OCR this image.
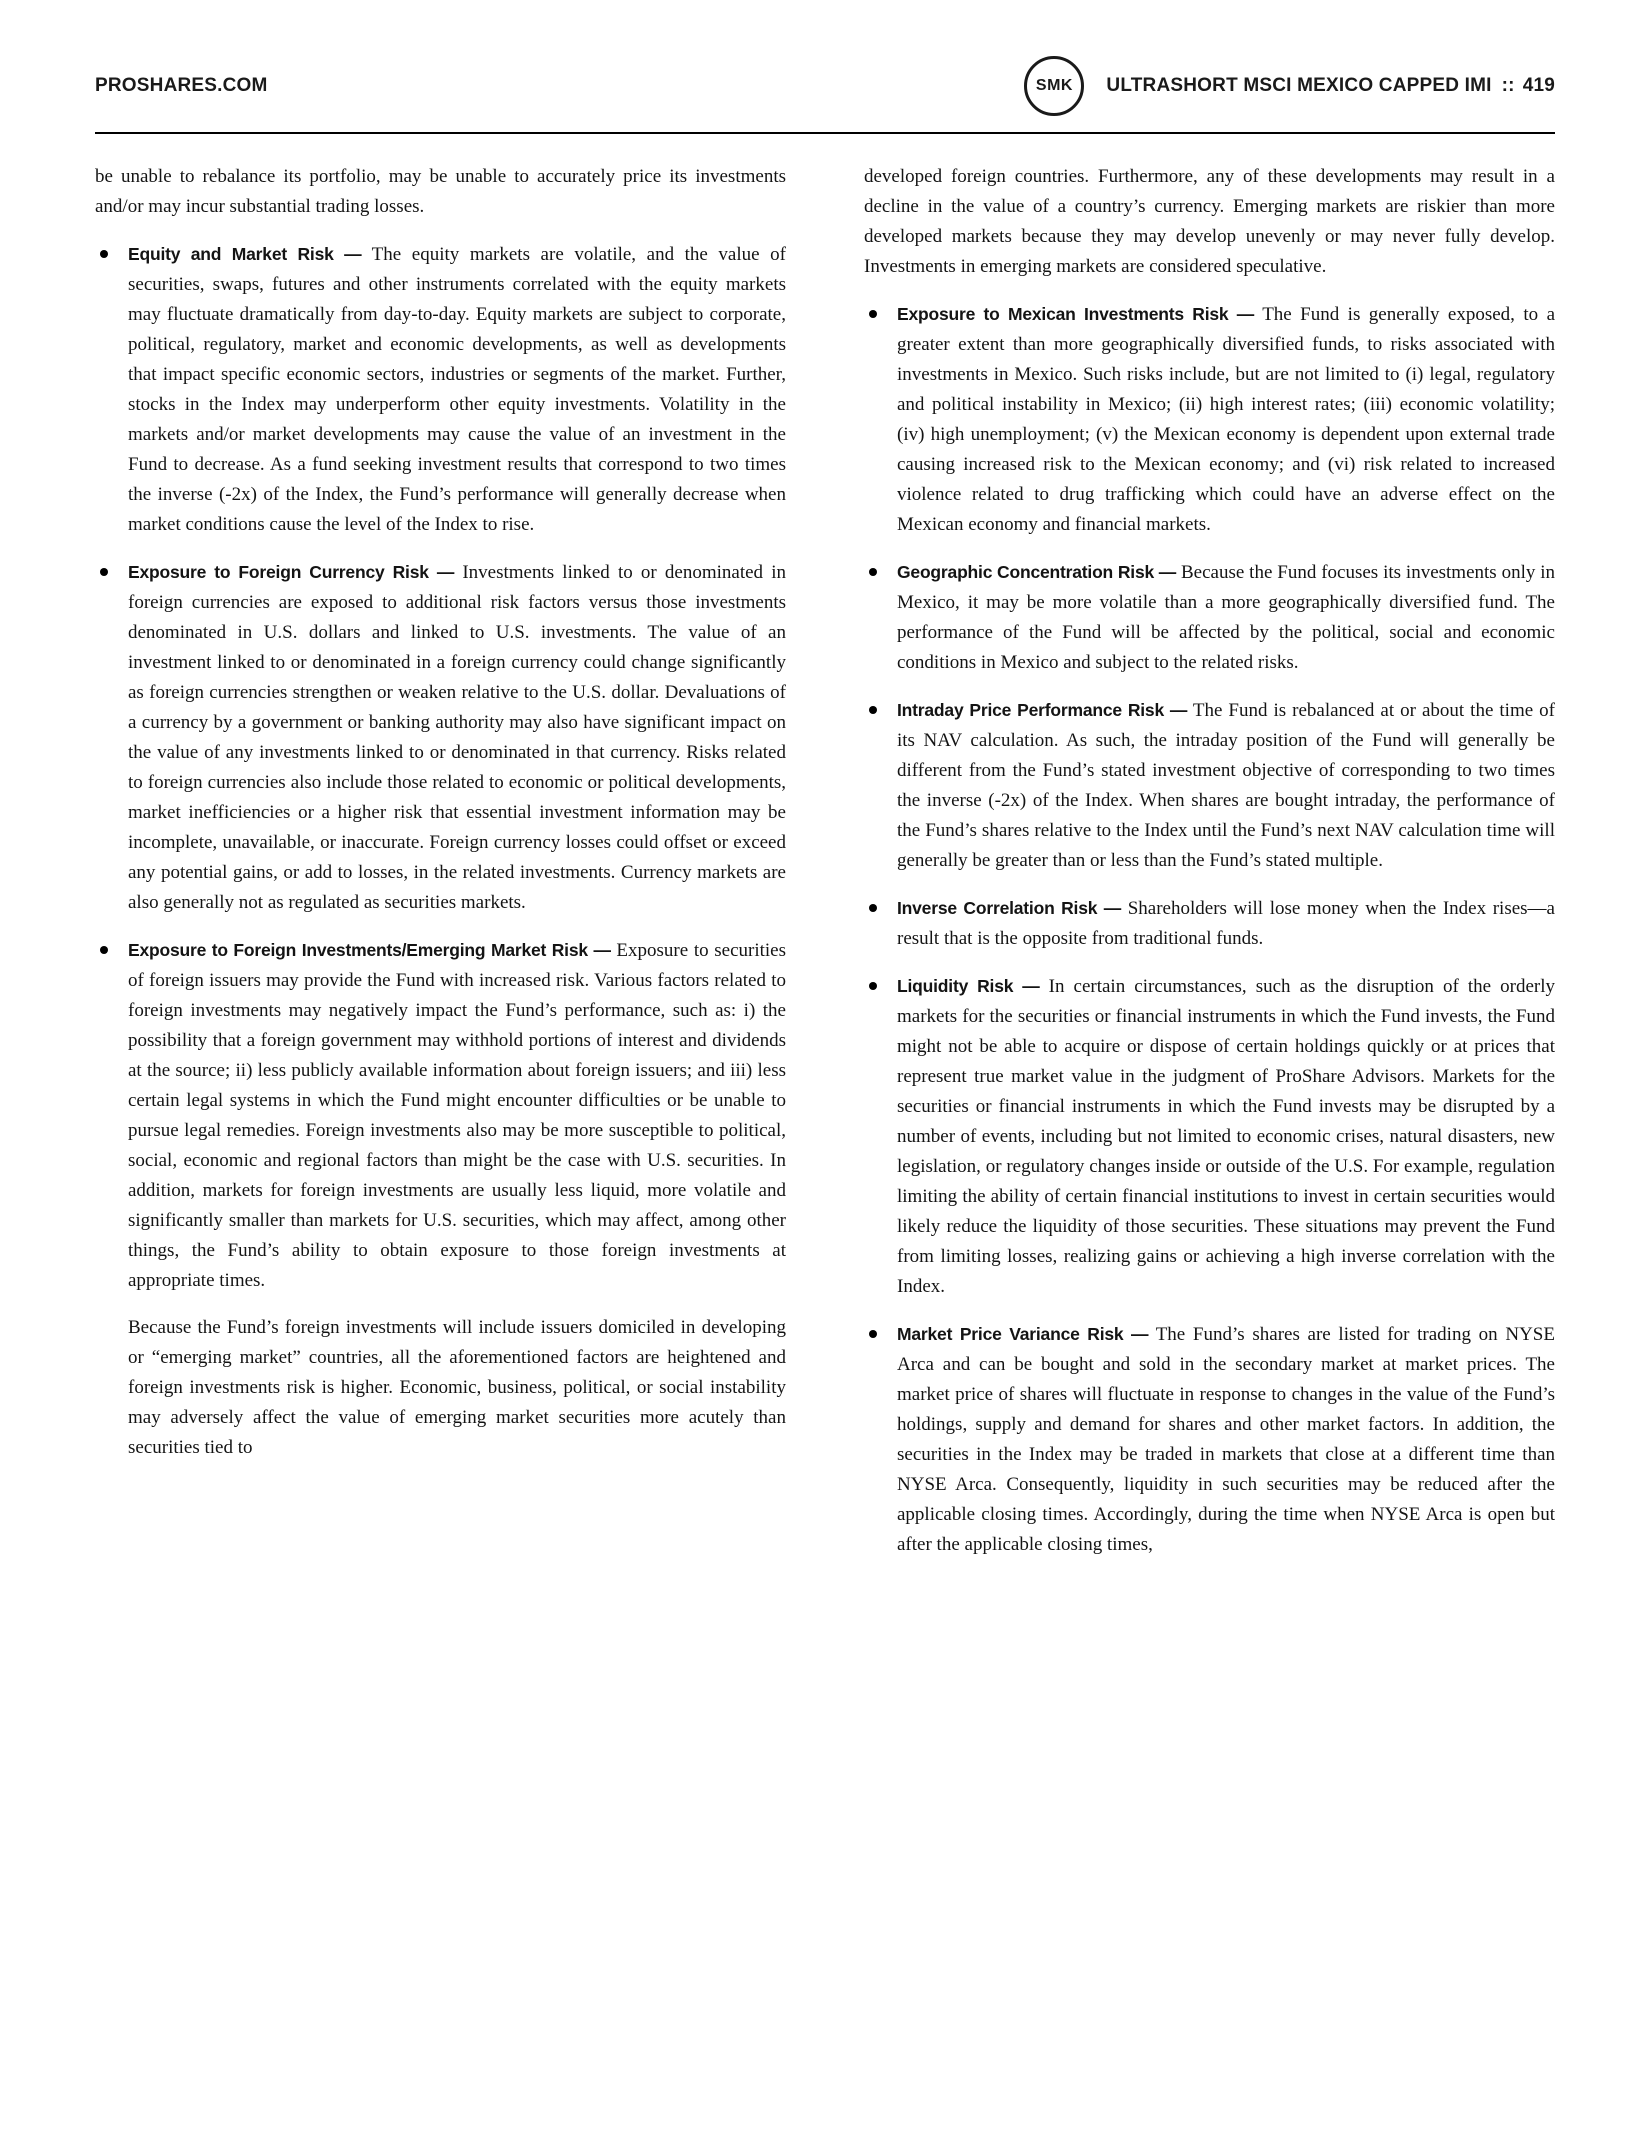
PROSHARES.COM	SMK ULTRASHORT MSCI MEXICO CAPPED IMI :: 419

be unable to rebalance its portfolio, may be unable to accurately price its investments and/or may incur substantial trading losses.

Equity and Market Risk — The equity markets are volatile, and the value of securities, swaps, futures and other instruments correlated with the equity markets may fluctuate dramatically from day-to-day. Equity markets are subject to corporate, political, regulatory, market and economic developments, as well as developments that impact specific economic sectors, industries or segments of the market. Further, stocks in the Index may underperform other equity investments. Volatility in the markets and/or market developments may cause the value of an investment in the Fund to decrease. As a fund seeking investment results that correspond to two times the inverse (-2x) of the Index, the Fund’s performance will generally decrease when market conditions cause the level of the Index to rise.

Exposure to Foreign Currency Risk — Investments linked to or denominated in foreign currencies are exposed to additional risk factors versus those investments denominated in U.S. dollars and linked to U.S. investments. The value of an investment linked to or denominated in a foreign currency could change significantly as foreign currencies strengthen or weaken relative to the U.S. dollar. Devaluations of a currency by a government or banking authority may also have significant impact on the value of any investments linked to or denominated in that currency. Risks related to foreign currencies also include those related to economic or political developments, market inefficiencies or a higher risk that essential investment information may be incomplete, unavailable, or inaccurate. Foreign currency losses could offset or exceed any potential gains, or add to losses, in the related investments. Currency markets are also generally not as regulated as securities markets.

Exposure to Foreign Investments/Emerging Market Risk — Exposure to securities of foreign issuers may provide the Fund with increased risk. Various factors related to foreign investments may negatively impact the Fund’s performance, such as: i) the possibility that a foreign government may withhold portions of interest and dividends at the source; ii) less publicly available information about foreign issuers; and iii) less certain legal systems in which the Fund might encounter difficulties or be unable to pursue legal remedies. Foreign investments also may be more susceptible to political, social, economic and regional factors than might be the case with U.S. securities. In addition, markets for foreign investments are usually less liquid, more volatile and significantly smaller than markets for U.S. securities, which may affect, among other things, the Fund’s ability to obtain exposure to those foreign investments at appropriate times.

Because the Fund’s foreign investments will include issuers domiciled in developing or “emerging market” countries, all the aforementioned factors are heightened and foreign investments risk is higher. Economic, business, political, or social instability may adversely affect the value of emerging market securities more acutely than securities tied to

developed foreign countries. Furthermore, any of these developments may result in a decline in the value of a country’s currency. Emerging markets are riskier than more developed markets because they may develop unevenly or may never fully develop. Investments in emerging markets are considered speculative.

Exposure to Mexican Investments Risk — The Fund is generally exposed, to a greater extent than more geographically diversified funds, to risks associated with investments in Mexico. Such risks include, but are not limited to (i) legal, regulatory and political instability in Mexico; (ii) high interest rates; (iii) economic volatility; (iv) high unemployment; (v) the Mexican economy is dependent upon external trade causing increased risk to the Mexican economy; and (vi) risk related to increased violence related to drug trafficking which could have an adverse effect on the Mexican economy and financial markets.

Geographic Concentration Risk — Because the Fund focuses its investments only in Mexico, it may be more volatile than a more geographically diversified fund. The performance of the Fund will be affected by the political, social and economic conditions in Mexico and subject to the related risks.

Intraday Price Performance Risk — The Fund is rebalanced at or about the time of its NAV calculation. As such, the intraday position of the Fund will generally be different from the Fund’s stated investment objective of corresponding to two times the inverse (-2x) of the Index. When shares are bought intraday, the performance of the Fund’s shares relative to the Index until the Fund’s next NAV calculation time will generally be greater than or less than the Fund’s stated multiple.

Inverse Correlation Risk — Shareholders will lose money when the Index rises—a result that is the opposite from traditional funds.

Liquidity Risk — In certain circumstances, such as the disruption of the orderly markets for the securities or financial instruments in which the Fund invests, the Fund might not be able to acquire or dispose of certain holdings quickly or at prices that represent true market value in the judgment of ProShare Advisors. Markets for the securities or financial instruments in which the Fund invests may be disrupted by a number of events, including but not limited to economic crises, natural disasters, new legislation, or regulatory changes inside or outside of the U.S. For example, regulation limiting the ability of certain financial institutions to invest in certain securities would likely reduce the liquidity of those securities. These situations may prevent the Fund from limiting losses, realizing gains or achieving a high inverse correlation with the Index.

Market Price Variance Risk — The Fund’s shares are listed for trading on NYSE Arca and can be bought and sold in the secondary market at market prices. The market price of shares will fluctuate in response to changes in the value of the Fund’s holdings, supply and demand for shares and other market factors. In addition, the securities in the Index may be traded in markets that close at a different time than NYSE Arca. Consequently, liquidity in such securities may be reduced after the applicable closing times. Accordingly, during the time when NYSE Arca is open but after the applicable closing times,
